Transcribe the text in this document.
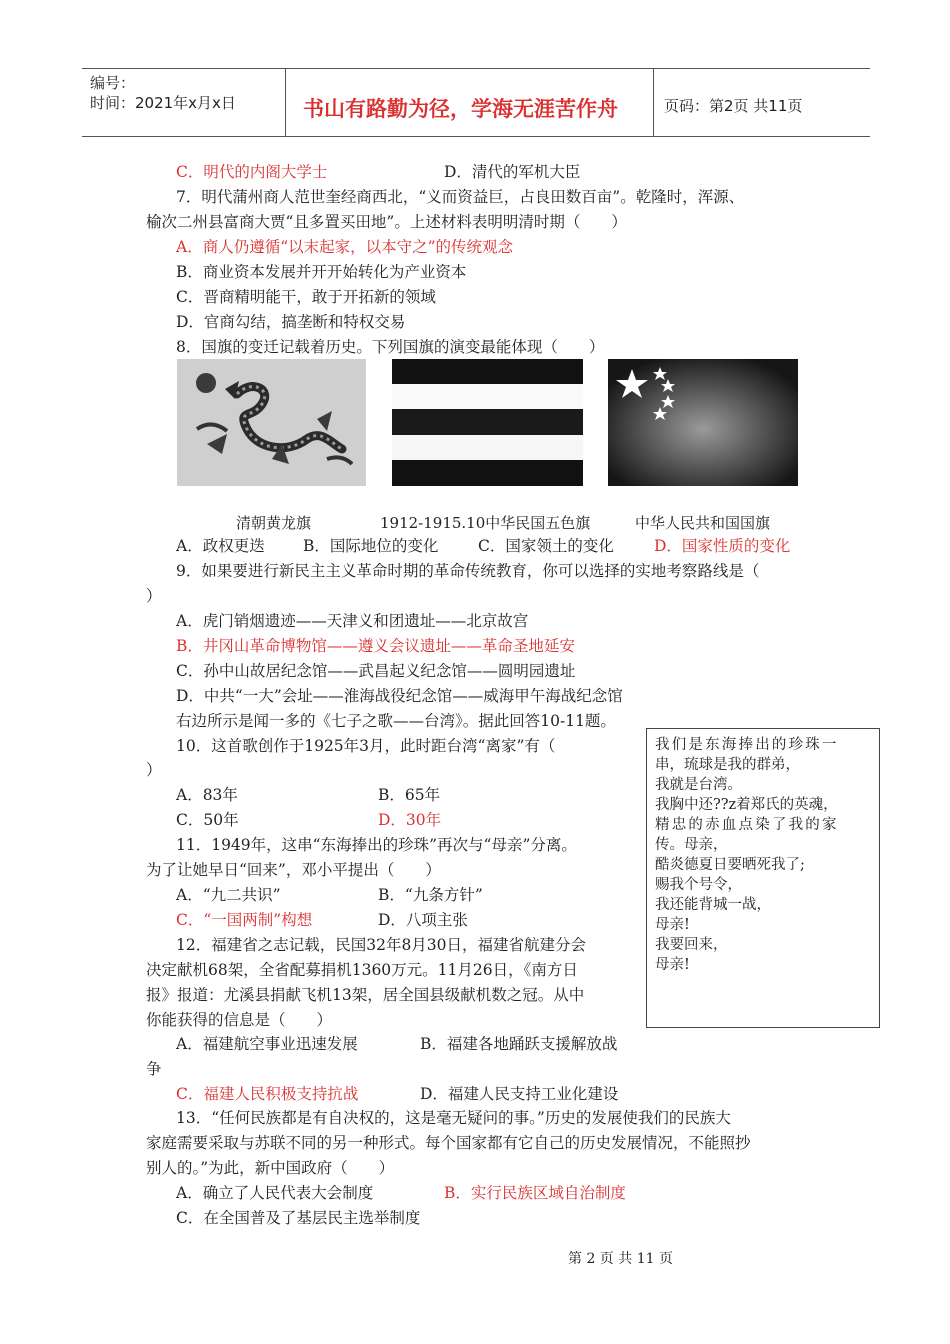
编号：
时间：2021年x月x日	书山有路勤为径，学海无涯苦作舟	页码：第2页 共11页
C．明代的内阁大学士	D．清代的军机大臣
7．明代蒲州商人范世奎经商西北，“义而资益巨，占良田数百亩”。乾隆时，浑源、
榆次二州县富商大贾“且多置买田地”。上述材料表明明清时期（　　）
A．商人仍遵循“以末起家，以本守之”的传统观念
B．商业资本发展并开开始转化为产业资本
C．晋商精明能干，敢于开拓新的领域
D．官商勾结，搞垄断和特权交易
8．国旗的变迁记载着历史。下列国旗的演变最能体现（　　）
清朝黄龙旗	1912-1915.10中华民国五色旗	中华人民共和国国旗
A．政权更迭 B．国际地位的变化	C．国家领土的变化	D．国家性质的变化
9．如果要进行新民主主义革命时期的革命传统教育，你可以选择的实地考察路线是（
）
A．虎门销烟遗迹——天津义和团遗址——北京故宫
B．井冈山革命博物馆——遵义会议遗址——革命圣地延安
C．孙中山故居纪念馆——武昌起义纪念馆——圆明园遗址
D．中共“一大”会址——淮海战役纪念馆——威海甲午海战纪念馆
右边所示是闻一多的《七子之歌——台湾》。据此回答10-11题。
10．这首歌创作于1925年3月，此时距台湾“离家”有（
）
A．83年	B．65年
C．50年	D．30年
11．1949年，这串“东海捧出的珍珠”再次与“母亲”分离。
为了让她早日“回来”，邓小平提出（　　）
A．“九二共识”	B．“九条方针”
C．“一国两制”构想	D．八项主张
12．福建省之志记载，民国32年8月30日，福建省航建分会
决定献机68架，全省配募捐机1360万元。11月26日，《南方日
报》报道：尤溪县捐献飞机13架，居全国县级献机数之冠。从中
你能获得的信息是（　　）
A．福建航空事业迅速发展	B．福建各地踊跃支援解放战
争
C．福建人民积极支持抗战	D．福建人民支持工业化建设
13．“任何民族都是有自决权的，这是毫无疑问的事。”历史的发展使我们的民族大
家庭需要采取与苏联不同的另一种形式。每个国家都有它自己的历史发展情况，不能照抄
别人的。”为此，新中国政府（　　）
A．确立了人民代表大会制度	B．实行民族区域自治制度
C．在全国普及了基层民主选举制度
我们是东海捧出的珍珠一
串，琉球是我的群弟，
我就是台湾。
我胸中还??z着郑氏的英魂，
精忠的赤血点染了我的家
传。母亲，
酷炎德夏日要晒死我了;
赐我个号令，
我还能背城一战，
母亲!
我要回来，
母亲!
第 2 页 共 11 页
